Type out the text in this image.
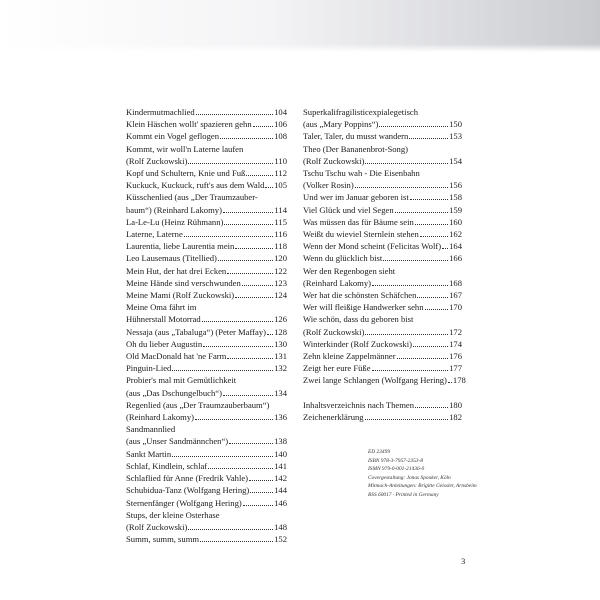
Kindermutmachlied	104
Klein Häschen wollt' spazieren gehn	106
Kommt ein Vogel geflogen	108
Kommt, wir woll'n Laterne laufen
(Rolf Zuckowski)	110
Kopf und Schultern, Knie und Fuß	112
Kuckuck, Kuckuck, ruft's aus dem Wald 105
Küsschenlied (aus „Der Traumzauber-
baum“) (Reinhard Lakomy)	114
La-Le-Lu (Heinz Rühmann)	115
Laterne, Laterne	116
Laurentia, liebe Laurentia mein	118
Leo Lausemaus (Titellied)	120
Mein Hut, der hat drei Ecken	122
Meine Hände sind verschwunden	123
Meine Mami (Rolf Zuckowski)	124
Meine Oma fährt im
Hühnerstall Motorrad	126
Nessaja (aus „Tabaluga“) (Peter Maffay) 128
Oh du lieber Augustin	130
Old MacDonald hat 'ne Farm	131
Pinguin-Lied	132
Probier's mal mit Gemütlichkeit
(aus „Das Dschungelbuch“)	134
Regenlied (aus „Der Traumzauberbaum“)
(Reinhard Lakomy)	136
Sandmannlied
(aus „Unser Sandmännchen“)	138
Sankt Martin	140
Schlaf, Kindlein, schlaf	141
Schlaflied für Anne (Fredrik Vahle)	142
Schubidua-Tanz (Wolfgang Hering)	144
Sternenfänger (Wolfgang Hering)	146
Stups, der kleine Osterhase
(Rolf Zuckowski)	148
Summ, summ, summ	152
Superkalifragilisticexpialegetisch
(aus „Mary Poppins“)	150
Taler, Taler, du musst wandern	153
Theo (Der Bananenbrot-Song)
(Rolf Zuckowski)	154
Tschu Tschu wah - Die Eisenbahn
(Volker Rosin)	156
Und wer im Januar geboren ist	158
Viel Glück und viel Segen	159
Was müssen das für Bäume sein	160
Weißt du wieviel Sternlein stehen	162
Wenn der Mond scheint (Felicitas Wolf) 164
Wenn du glücklich bist	166
Wer den Regenbogen sieht
(Reinhard Lakomy)	168
Wer hat die schönsten Schäfchen	167
Wer will fleißige Handwerker sehn	170
Wie schön, dass du geboren bist
(Rolf Zuckowski)	172
Winterkinder (Rolf Zuckowski)	174
Zehn kleine Zappelmänner	176
Zeigt her eure Füße	177
Zwei lange Schlangen (Wolfgang Hering) 178
Inhaltsverzeichnis nach Themen	180
Zeichenerklärung	182
ED 23499
ISBN 978-3-7957-2353-8
ISMN 979-0-001-21436-0
Covergestaltung: Jonas Spooker, Köln
Mitmach-Anleitungen: Brigitte Geissler, Arnsbeim
BSS 60017 · Printed in Germany
3
